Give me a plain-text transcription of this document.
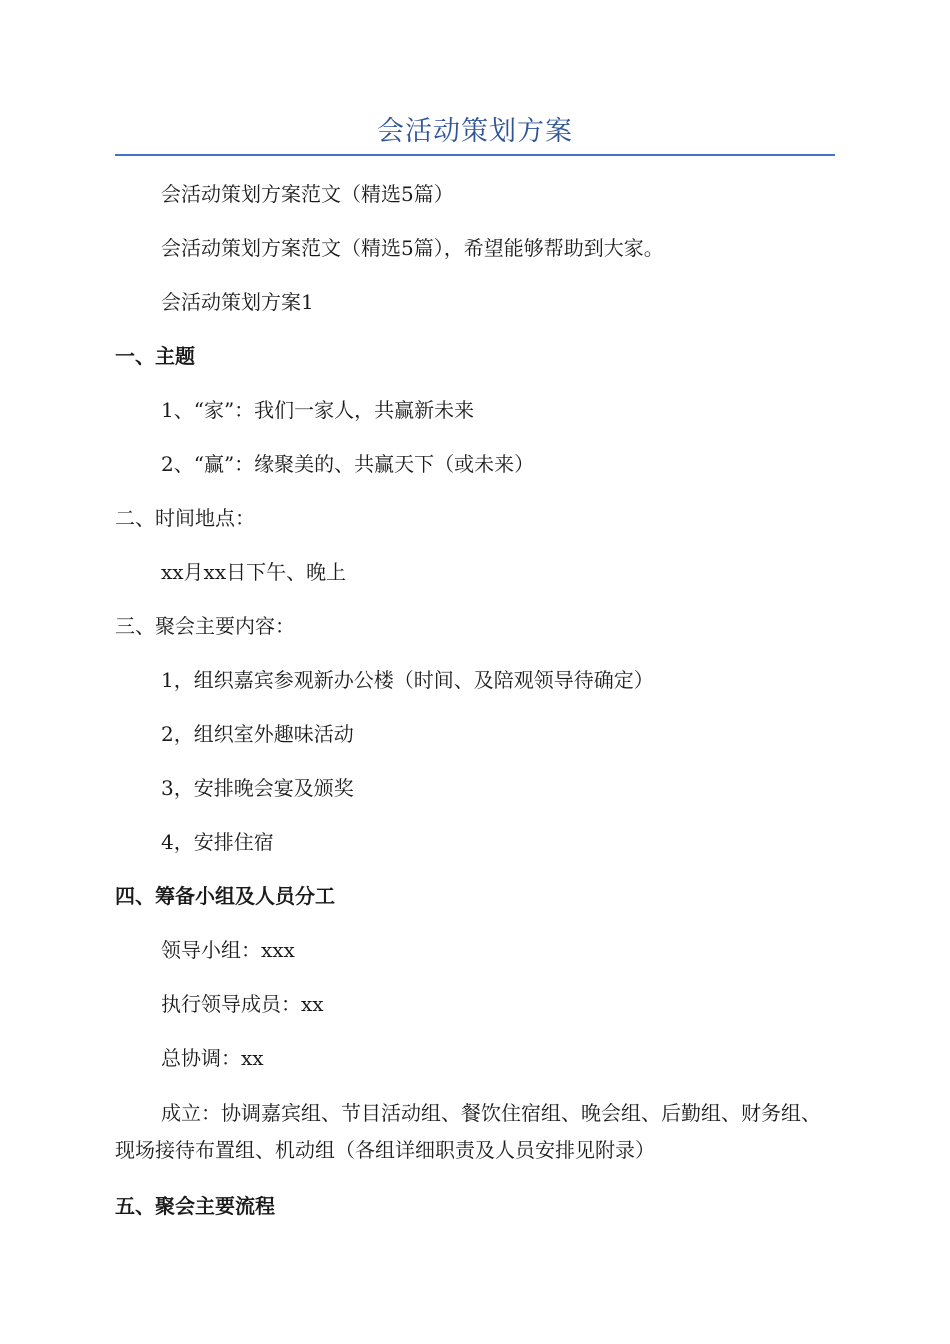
会活动策划方案
会活动策划方案范文（精选5篇）
会活动策划方案范文（精选5篇），希望能够帮助到大家。
会活动策划方案1
一、主题
1、“家”：我们一家人，共赢新未来
2、“赢”：缘聚美的、共赢天下（或未来）
二、时间地点：
xx月xx日下午、晚上
三、聚会主要内容：
1，组织嘉宾参观新办公楼（时间、及陪观领导待确定）
2，组织室外趣味活动
3，安排晚会宴及颁奖
4，安排住宿
四、筹备小组及人员分工
领导小组：xxx
执行领导成员：xx
总协调：xx
成立：协调嘉宾组、节目活动组、餐饮住宿组、晚会组、后勤组、财务组、现场接待布置组、机动组（各组详细职责及人员安排见附录）
五、聚会主要流程
